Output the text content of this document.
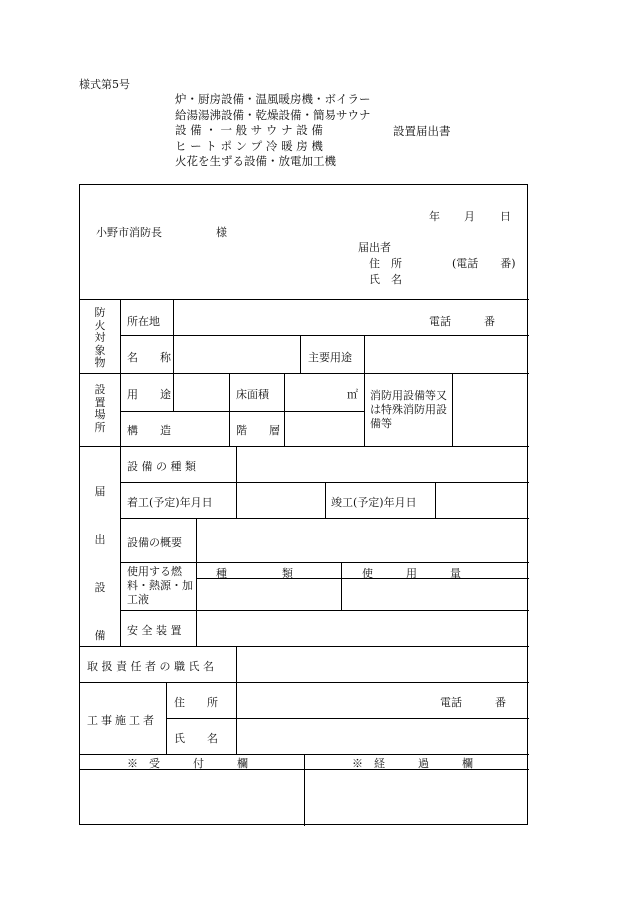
様式第5号
炉・厨房設備・温風暖房機・ボイラー
給湯湯沸設備・乾燥設備・簡易サウナ
設 備 ・ 一 般 サ ウ ナ 設 備
ヒ ー ト ポ ン プ 冷 暖 房 機
火花を生ずる設備・放電加工機
設置届出書
年 月 日
小野市消防長	様
届出者
住　所	(電話　　番)
氏　名
防火対象物
所在地	電話　　　番
名　　称	主要用途
設置場所
用　　途	床面積	㎡ 消防用設備等又は特殊消防用設備等
構　　造	階　　層
届出設備
設 備 の 種 類
着工(予定)年月日	竣工(予定)年月日
設備の概要
使用する燃料・熱源・加工液
種　　　　　類	使　　　用　　　量
安 全 装 置
取扱責任者の職氏名
工事施工者
住　　所	電話　　　番
氏　　名
※　受　　　付　　　欄	※　経　　　過　　　欄
